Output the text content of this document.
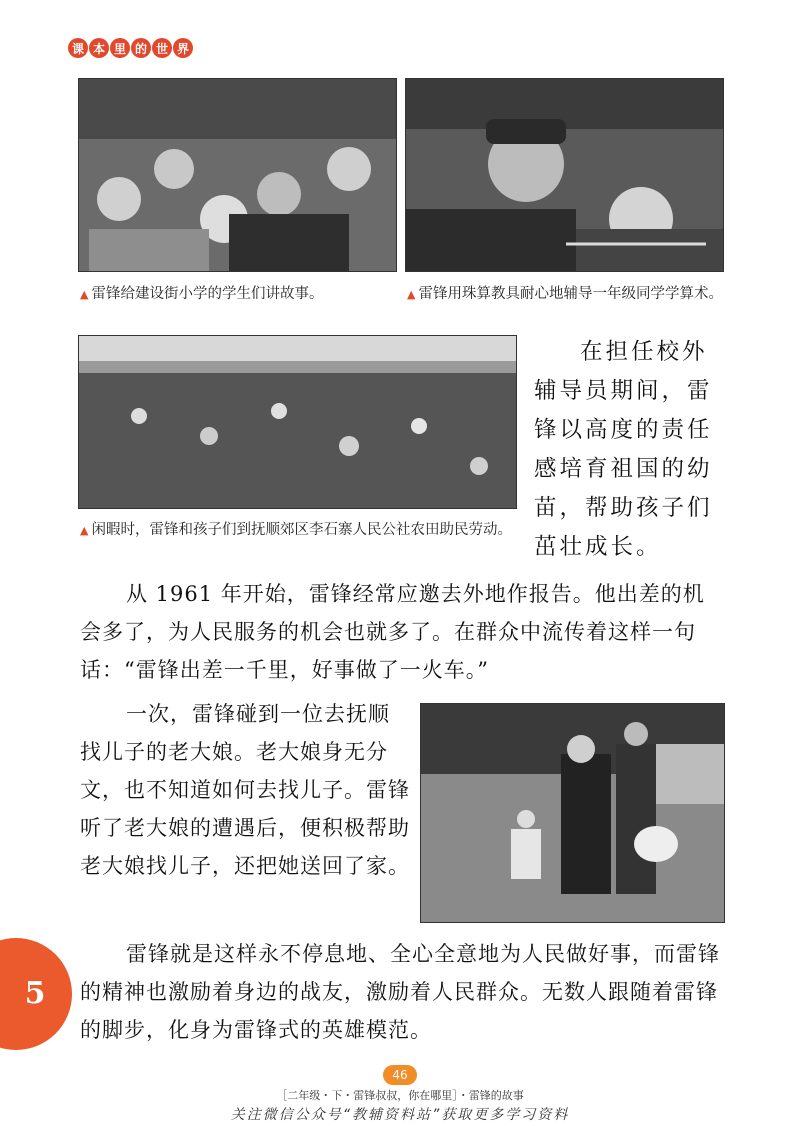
课 本 里 的 世 界
▲ 雷锋给建设街小学的学生们讲故事。	▲ 雷锋用珠算教具耐心地辅导一年级同学学算术。
▲ 闲暇时，雷锋和孩子们到抚顺郊区李石寨人民公社农田助民劳动。

在担任校外辅导员期间，雷锋以高度的责任感培育祖国的幼苗，帮助孩子们茁壮成长。

从 1961 年开始，雷锋经常应邀去外地作报告。他出差的机会多了，为人民服务的机会也就多了。在群众中流传着这样一句话：“雷锋出差一千里，好事做了一火车。”

一次，雷锋碰到一位去抚顺找儿子的老大娘。老大娘身无分文，也不知道如何去找儿子。雷锋听了老大娘的遭遇后，便积极帮助老大娘找儿子，还把她送回了家。

雷锋就是这样永不停息地、全心全意地为人民做好事，而雷锋的精神也激励着身边的战友，激励着人民群众。无数人跟随着雷锋的脚步，化身为雷锋式的英雄模范。

5
46
［二年级・下・雷锋叔叔，你在哪里］・雷锋的故事
关注微信公众号“教辅资料站”获取更多学习资料
